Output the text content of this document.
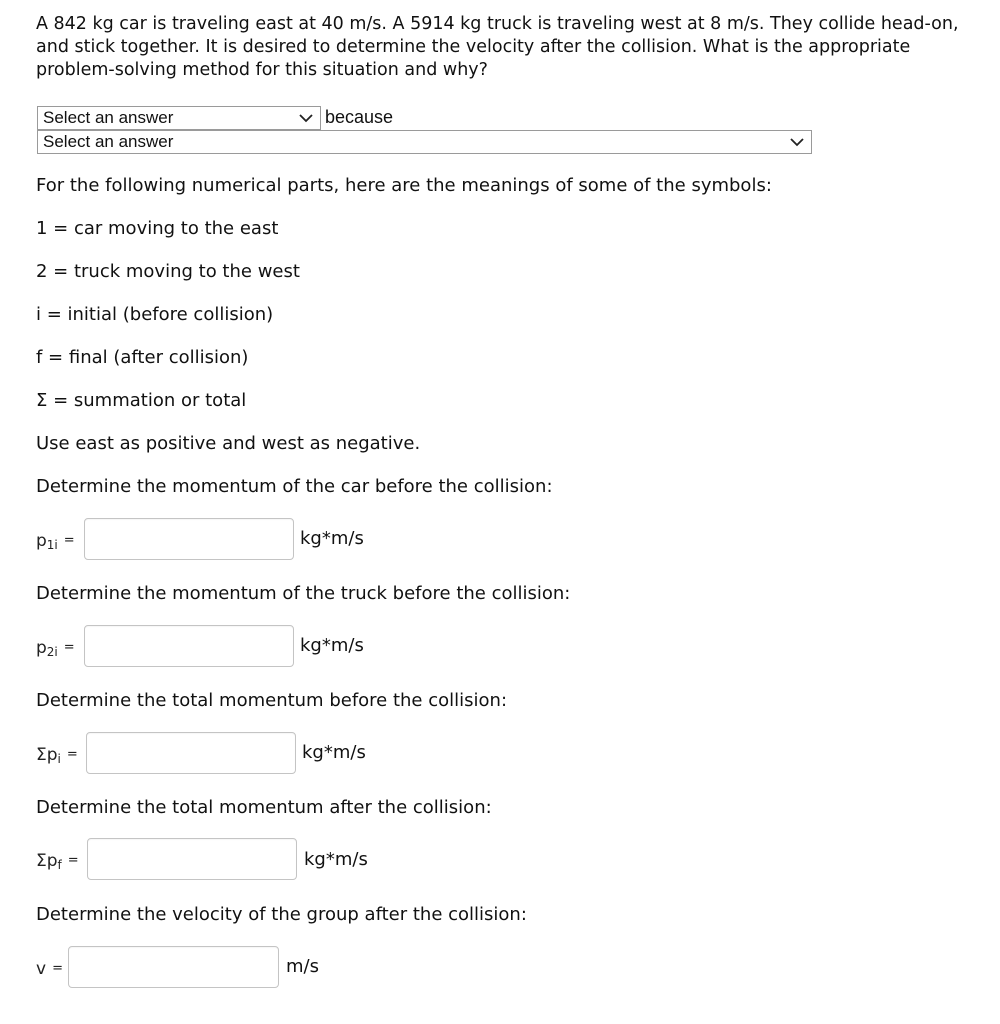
A 842 kg car is traveling east at 40 m/s. A 5914 kg truck is traveling west at 8 m/s. They collide head-on, and stick together. It is desired to determine the velocity after the collision. What is the appropriate problem-solving method for this situation and why?
Select an answer	because
Select an answer
For the following numerical parts, here are the meanings of some of the symbols:
1 = car moving to the east
2 = truck moving to the west
i = initial (before collision)
f = final (after collision)
Σ = summation or total
Use east as positive and west as negative.
Determine the momentum of the car before the collision:
$p_{1i}$ =	kg*m/s
Determine the momentum of the truck before the collision:
$p_{2i}$ =	kg*m/s
Determine the total momentum before the collision:
$\Sigma p_i$ =	kg*m/s
Determine the total momentum after the collision:
$\Sigma p_f$ =	kg*m/s
Determine the velocity of the group after the collision:
v =	m/s
